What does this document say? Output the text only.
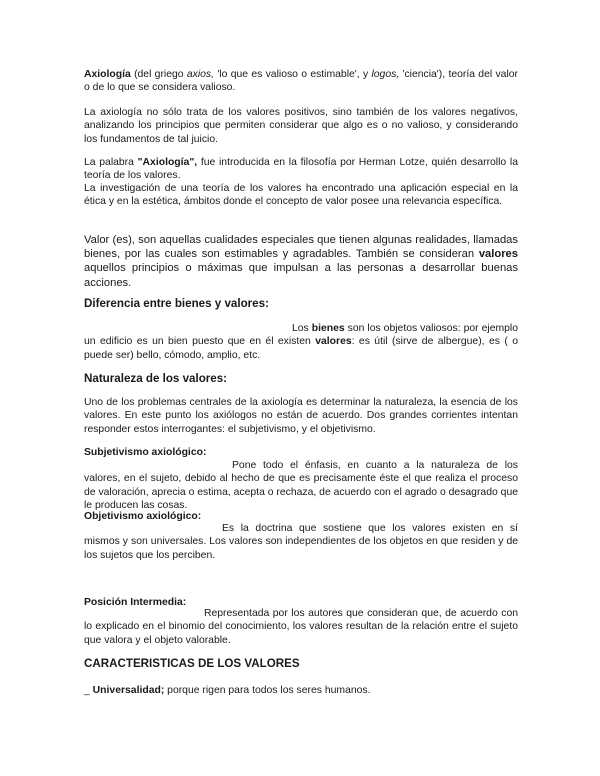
Axiología (del griego axios, 'lo que es valioso o estimable', y logos, 'ciencia'), teoría del valor o de lo que se considera valioso.

La axiología no sólo trata de los valores positivos, sino también de los valores negativos, analizando los principios que permiten considerar que algo es o no valioso, y considerando los fundamentos de tal juicio.

La palabra "Axiología", fue introducida en la filosofía por Herman Lotze, quién desarrollo la teoría de los valores.

La investigación de una teoría de los valores ha encontrado una aplicación especial en la ética y en la estética, ámbitos donde el concepto de valor posee una relevancia específica.

Valor (es), son aquellas cualidades especiales que tienen algunas realidades, llamadas bienes, por las cuales son estimables y agradables. También se consideran valores aquellos principios o máximas que impulsan a las personas a desarrollar buenas acciones.

Diferencia entre bienes y valores:

Los bienes son los objetos valiosos: por ejemplo un edificio es un bien puesto que en él existen valores: es útil (sirve de albergue), es ( o puede ser) bello, cómodo, amplio, etc.

Naturaleza de los valores:

Uno de los problemas centrales de la axiología es determinar la naturaleza, la esencia de los valores. En este punto los axiólogos no están de acuerdo. Dos grandes corrientes intentan responder estos interrogantes: el subjetivismo, y el objetivismo.

Subjetivismo axiológico:

Pone todo el énfasis, en cuanto a la naturaleza de los valores, en el sujeto, debido al hecho de que es precisamente éste el que realiza el proceso de valoración, aprecia o estima, acepta o rechaza, de acuerdo con el agrado o desagrado que le producen las cosas.

Objetivismo axiológico:

Es la doctrina que sostiene que los valores existen en sí mismos y son universales. Los valores son independientes de los objetos en que residen y de los sujetos que los perciben.

Posición Intermedia:

Representada por los autores que consideran que, de acuerdo con lo explicado en el binomio del conocimiento, los valores resultan de la relación entre el sujeto que valora y el objeto valorable.

CARACTERISTICAS DE LOS VALORES

_ Universalidad; porque rigen para todos los seres humanos.
